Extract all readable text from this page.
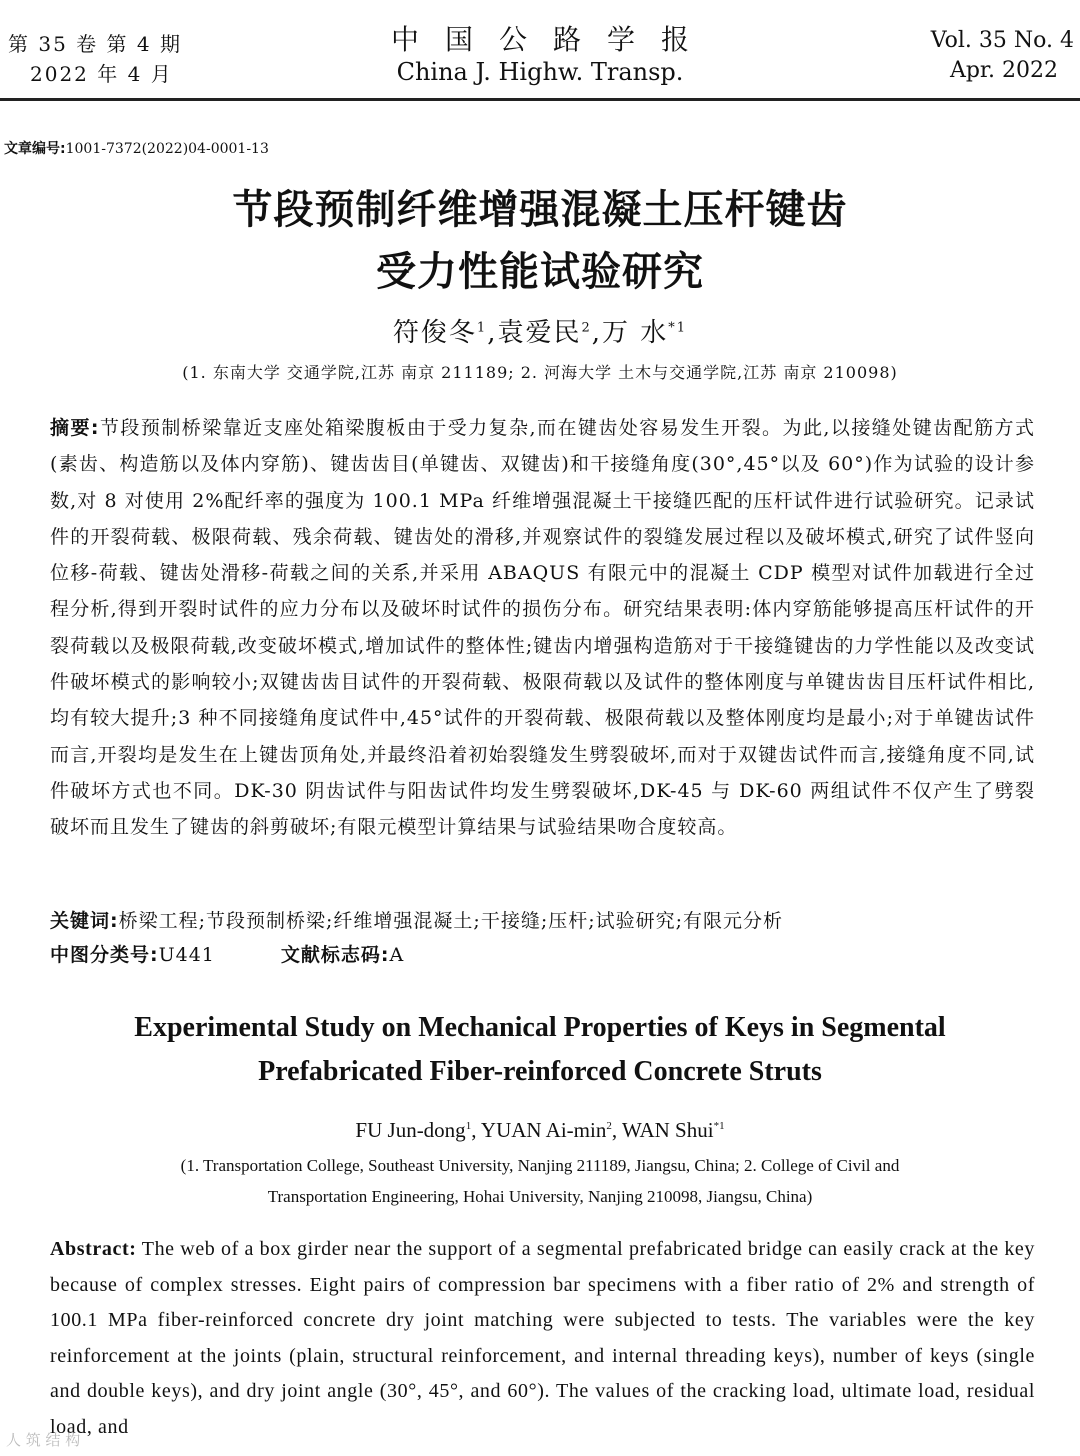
第 35 卷 第 4 期
2022 年 4 月
中国公路学报
China J. Highw. Transp.
Vol. 35 No. 4
Apr. 2022
文章编号:1001-7372(2022)04-0001-13
节段预制纤维增强混凝土压杆键齿
受力性能试验研究
符俊冬$^1$,袁爱民$^2$,万 水$^{*1}$
(1. 东南大学 交通学院,江苏 南京 211189; 2. 河海大学 土木与交通学院,江苏 南京 210098)
摘要:节段预制桥梁靠近支座处箱梁腹板由于受力复杂,而在键齿处容易发生开裂。为此,以接缝处键齿配筋方式(素齿、构造筋以及体内穿筋)、键齿齿目(单键齿、双键齿)和干接缝角度(30°,45°以及 60°)作为试验的设计参数,对 8 对使用 2%配纤率的强度为 100.1 MPa 纤维增强混凝土干接缝匹配的压杆试件进行试验研究。记录试件的开裂荷载、极限荷载、残余荷载、键齿处的滑移,并观察试件的裂缝发展过程以及破坏模式,研究了试件竖向位移-荷载、键齿处滑移-荷载之间的关系,并采用 ABAQUS 有限元中的混凝土 CDP 模型对试件加载进行全过程分析,得到开裂时试件的应力分布以及破坏时试件的损伤分布。研究结果表明:体内穿筋能够提高压杆试件的开裂荷载以及极限荷载,改变破坏模式,增加试件的整体性;键齿内增强构造筋对于干接缝键齿的力学性能以及改变试件破坏模式的影响较小;双键齿齿目试件的开裂荷载、极限荷载以及试件的整体刚度与单键齿齿目压杆试件相比,均有较大提升;3 种不同接缝角度试件中,45°试件的开裂荷载、极限荷载以及整体刚度均是最小;对于单键齿试件而言,开裂均是发生在上键齿顶角处,并最终沿着初始裂缝发生劈裂破坏,而对于双键齿试件而言,接缝角度不同,试件破坏方式也不同。DK-30 阴齿试件与阳齿试件均发生劈裂破坏,DK-45 与 DK-60 两组试件不仅产生了劈裂破坏而且发生了键齿的斜剪破坏;有限元模型计算结果与试验结果吻合度较高。
关键词:桥梁工程;节段预制桥梁;纤维增强混凝土;干接缝;压杆;试验研究;有限元分析
中图分类号:U441	文献标志码:A
Experimental Study on Mechanical Properties of Keys in Segmental
Prefabricated Fiber-reinforced Concrete Struts
FU Jun-dong$^1$, YUAN $Ai-\min^2$, WAN Shui$^{*1}$
(1. Transportation College, Southeast University, Nanjing 211189, Jiangsu, China; 2. College of Civil and
Transportation Engineering, Hohai University, Nanjing 210098, Jiangsu, China)
Abstract: The web of a box girder near the support of a segmental prefabricated bridge can easily crack at the key because of complex stresses. Eight pairs of compression bar specimens with a fiber ratio of 2% and strength of 100.1 MPa fiber-reinforced concrete dry joint matching were subjected to tests. The variables were the key reinforcement at the joints (plain, structural reinforcement, and internal threading keys), number of keys (single and double keys), and dry joint angle (30°, 45°, and 60°). The values of the cracking load, ultimate load, residual load, and
人 筑 结 构
